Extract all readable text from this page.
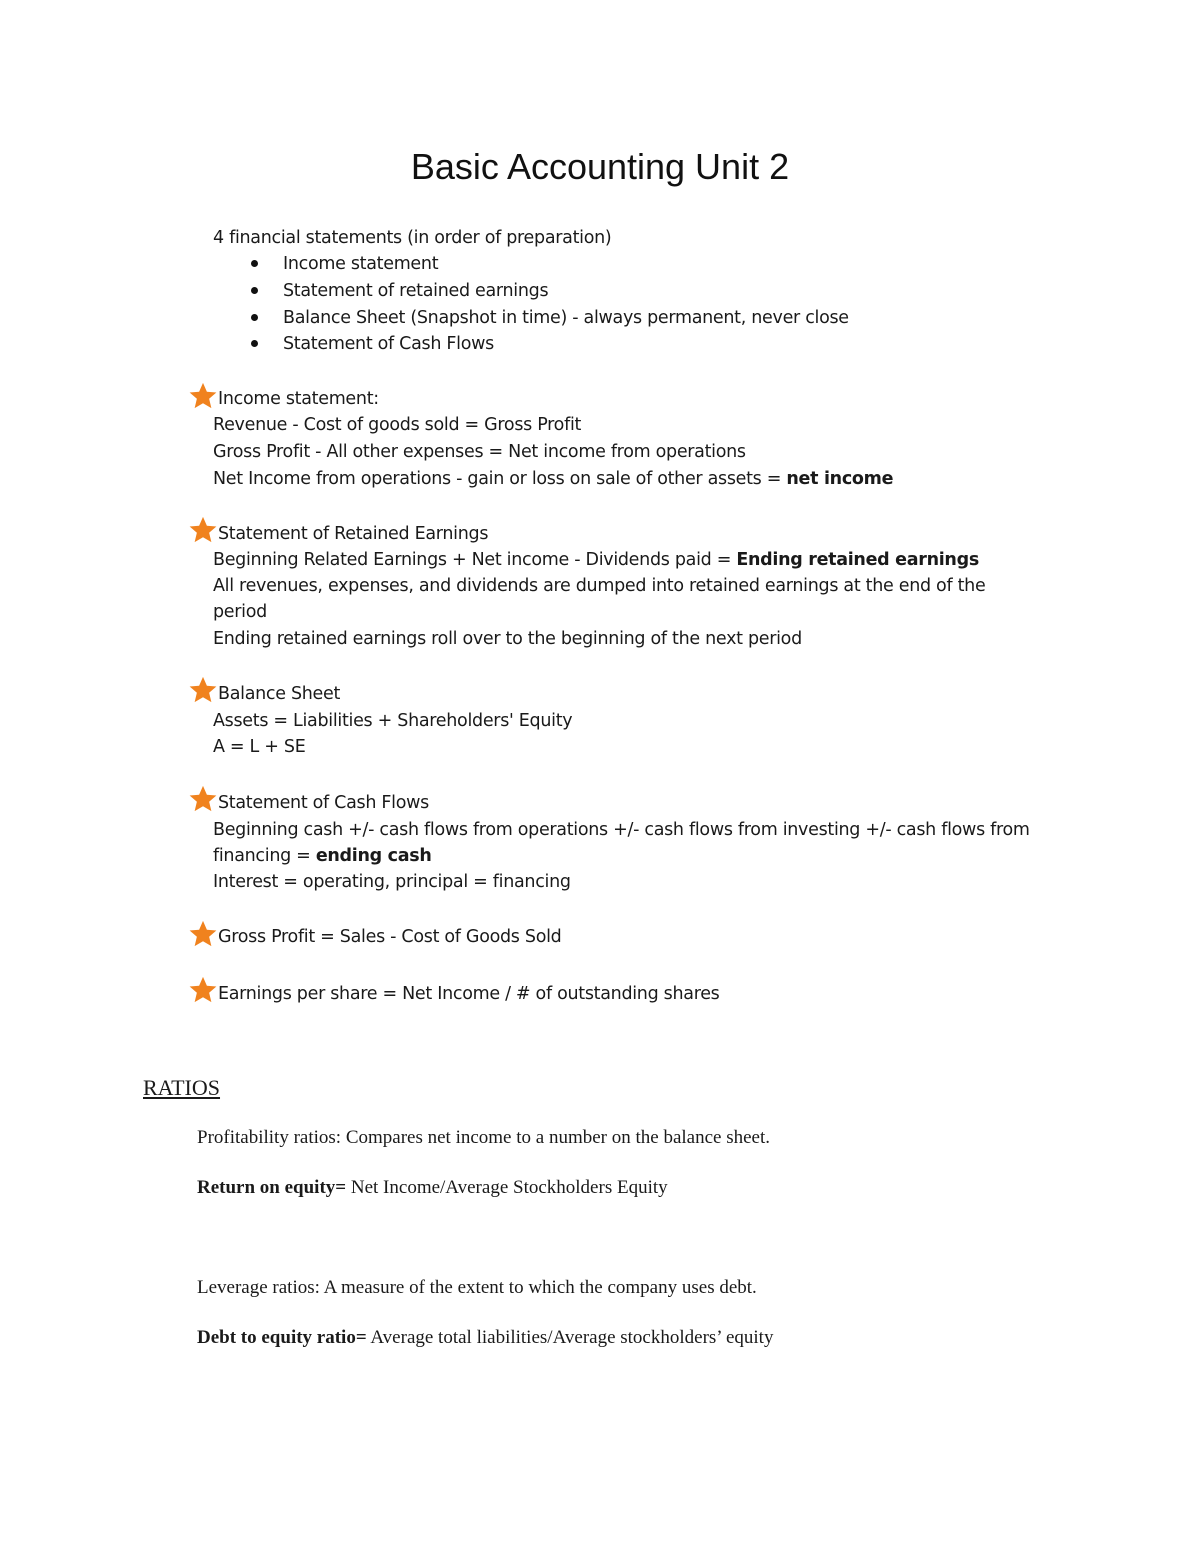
Basic Accounting Unit 2
4 financial statements (in order of preparation)
Income statement
Statement of retained earnings
Balance Sheet (Snapshot in time) - always permanent, never close
Statement of Cash Flows
Income statement:
Revenue - Cost of goods sold = Gross Profit
Gross Profit - All other expenses = Net income from operations
Net Income from operations - gain or loss on sale of other assets = net income
Statement of Retained Earnings
Beginning Related Earnings + Net income - Dividends paid = Ending retained earnings
All revenues, expenses, and dividends are dumped into retained earnings at the end of the
period
Ending retained earnings roll over to the beginning of the next period
Balance Sheet
Assets = Liabilities + Shareholders' Equity
A = L + SE
Statement of Cash Flows
Beginning cash +/- cash flows from operations +/- cash flows from investing +/- cash flows from
financing = ending cash
Interest = operating, principal = financing
Gross Profit = Sales - Cost of Goods Sold
Earnings per share = Net Income / # of outstanding shares
RATIOS
Profitability ratios: Compares net income to a number on the balance sheet.
Return on equity= Net Income/Average Stockholders Equity
Leverage ratios: A measure of the extent to which the company uses debt.
Debt to equity ratio= Average total liabilities/Average stockholders’ equity
